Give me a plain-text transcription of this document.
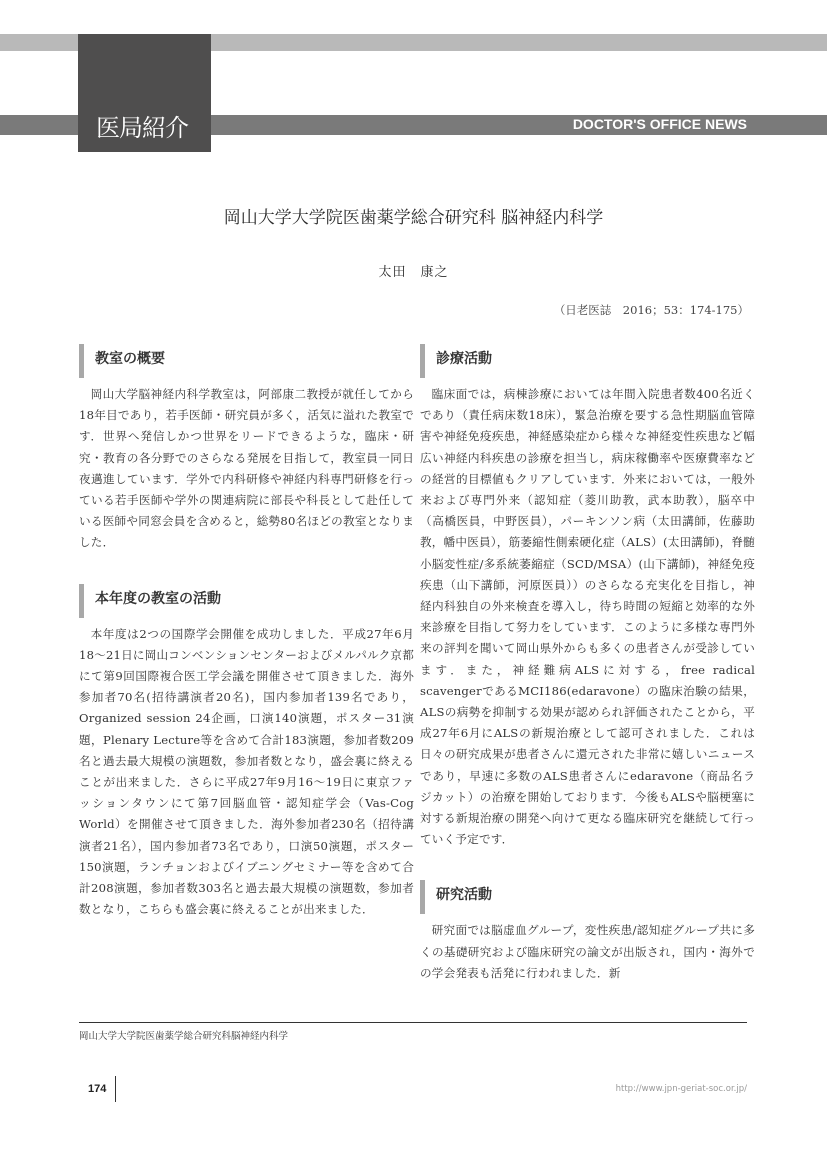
医局紹介	DOCTOR'S OFFICE NEWS
岡山大学大学院医歯薬学総合研究科 脳神経内科学
太田　康之
（日老医誌　2016；53：174-175）
教室の概要

岡山大学脳神経内科学教室は，阿部康二教授が就任してから18年目であり，若手医師・研究員が多く，活気に溢れた教室です．世界へ発信しかつ世界をリードできるような，臨床・研究・教育の各分野でのさらなる発展を目指して，教室員一同日夜邁進しています．学外で内科研修や神経内科専門研修を行っている若手医師や学外の関連病院に部長や科長として赴任している医師や同窓会員を含めると，総勢80名ほどの教室となりました．

本年度の教室の活動

本年度は2つの国際学会開催を成功しました．平成27年6月18～21日に岡山コンベンションセンターおよびメルパルク京都にて第9回国際複合医工学会議を開催させて頂きました．海外参加者70名(招待講演者20名)，国内参加者139名であり，Organized session 24企画，口演140演題，ポスター31演題，Plenary Lecture等を含めて合計183演題，参加者数209名と過去最大規模の演題数，参加者数となり，盛会裏に終えることが出来ました．さらに平成27年9月16～19日に東京ファッションタウンにて第7回脳血管・認知症学会（Vas-Cog World）を開催させて頂きました．海外参加者230名（招待講演者21名），国内参加者73名であり，口演50演題，ポスター150演題，ランチョンおよびイブニングセミナー等を含めて合計208演題，参加者数303名と過去最大規模の演題数，参加者数となり，こちらも盛会裏に終えることが出来ました．

診療活動

臨床面では，病棟診療においては年間入院患者数400名近くであり（責任病床数18床），緊急治療を要する急性期脳血管障害や神経免疫疾患，神経感染症から様々な神経変性疾患など幅広い神経内科疾患の診療を担当し，病床稼働率や医療費率などの経営的目標値もクリアしています．外来においては，一般外来および専門外来（認知症（菱川助教，武本助教），脳卒中（高橋医員，中野医員），パーキンソン病（太田講師，佐藤助教，幡中医員），筋萎縮性側索硬化症（ALS）(太田講師)，脊髄小脳変性症/多系統萎縮症（SCD/MSA）(山下講師)，神経免疫疾患（山下講師，河原医員））のさらなる充実化を目指し，神経内科独自の外来検査を導入し，待ち時間の短縮と効率的な外来診療を目指して努力をしています．このように多様な専門外来の評判を聞いて岡山県外からも多くの患者さんが受診しています．また，神経難病ALSに対する，free radical scavengerであるMCI186(edaravone）の臨床治験の結果，ALSの病勢を抑制する効果が認められ評価されたことから，平成27年6月にALSの新規治療として認可されました．これは日々の研究成果が患者さんに還元された非常に嬉しいニュースであり，早速に多数のALS患者さんにedaravone（商品名ラジカット）の治療を開始しております．今後もALSや脳梗塞に対する新規治療の開発へ向けて更なる臨床研究を継続して行っていく予定です．

研究活動

研究面では脳虚血グループ，変性疾患/認知症グループ共に多くの基礎研究および臨床研究の論文が出版され，国内・海外での学会発表も活発に行われました．新

岡山大学大学院医歯薬学総合研究科脳神経内科学
174	http://www.jpn-geriat-soc.or.jp/
